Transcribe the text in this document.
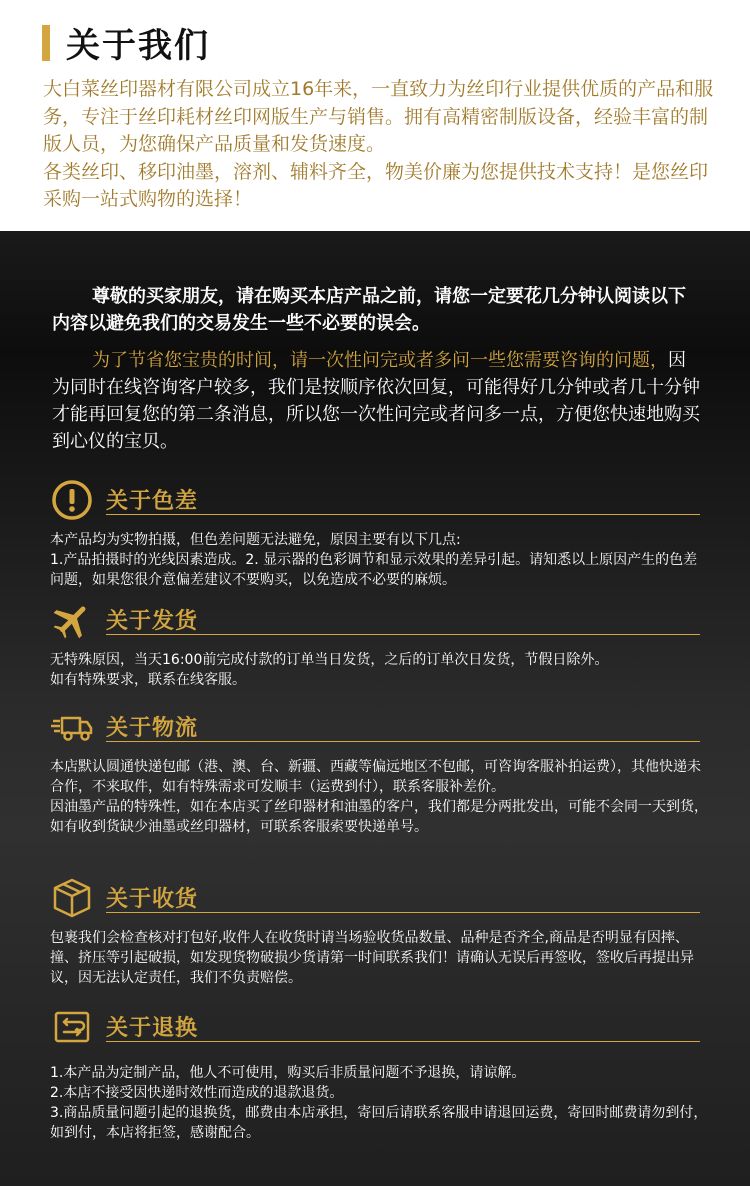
关于我们

大白菜丝印器材有限公司成立16年来，一直致力为丝印行业提供优质的产品和服务，专注于丝印耗材丝印网版生产与销售。拥有高精密制版设备，经验丰富的制版人员，为您确保产品质量和发货速度。

各类丝印、移印油墨，溶剂、辅料齐全，物美价廉为您提供技术支持！是您丝印采购一站式购物的选择！

尊敬的买家朋友，请在购买本店产品之前，请您一定要花几分钟认阅读以下内容以避免我们的交易发生一些不必要的误会。

为了节省您宝贵的时间，请一次性问完或者多问一些您需要咨询的问题，因为同时在线咨询客户较多，我们是按顺序依次回复，可能得好几分钟或者几十分钟才能再回复您的第二条消息，所以您一次性问完或者问多一点，方便您快速地购买到心仪的宝贝。

关于色差

本产品均为实物拍摄，但色差问题无法避免，原因主要有以下几点:

1.产品拍摄时的光线因素造成。2. 显示器的色彩调节和显示效果的差异引起。请知悉以上原因产生的色差问题，如果您很介意偏差建议不要购买，以免造成不必要的麻烦。

关于发货

无特殊原因，当天16:00前完成付款的订单当日发货，之后的订单次日发货，节假日除外。

如有特殊要求，联系在线客服。

关于物流

本店默认圆通快递包邮（港、澳、台、新疆、西藏等偏远地区不包邮，可咨询客服补拍运费），其他快递未合作，不来取件，如有特殊需求可发顺丰（运费到付），联系客服补差价。

因油墨产品的特殊性，如在本店买了丝印器材和油墨的客户，我们都是分两批发出，可能不会同一天到货，如有收到货缺少油墨或丝印器材，可联系客服索要快递单号。

关于收货

包裹我们会检查核对打包好,收件人在收货时请当场验收货品数量、品种是否齐全,商品是否明显有因摔、撞、挤压等引起破损，如发现货物破损少货请第一时间联系我们！请确认无误后再签收，签收后再提出异议，因无法认定责任，我们不负责赔偿。

关于退换

1.本产品为定制产品，他人不可使用，购买后非质量问题不予退换，请谅解。

2.本店不接受因快递时效性而造成的退款退货。

3.商品质量问题引起的退换货，邮费由本店承担，寄回后请联系客服申请退回运费，寄回时邮费请勿到付，如到付，本店将拒签，感谢配合。
